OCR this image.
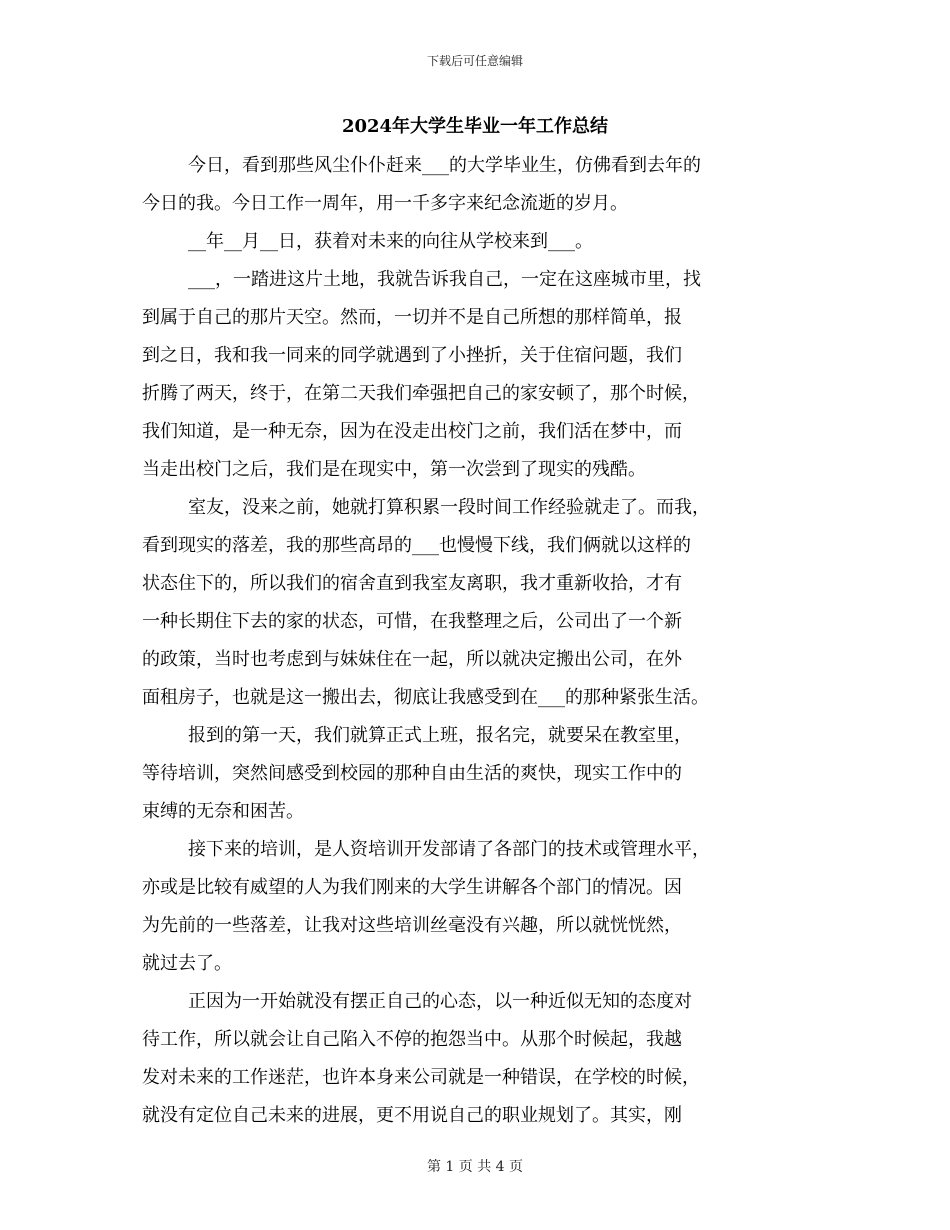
下载后可任意编辑
2024年大学生毕业一年工作总结
今日，看到那些风尘仆仆赶来___的大学毕业生，仿佛看到去年的
今日的我。今日工作一周年，用一千多字来纪念流逝的岁月。
__年__月__日，获着对未来的向往从学校来到___。
___，一踏进这片土地，我就告诉我自己，一定在这座城市里，找
到属于自己的那片天空。然而，一切并不是自己所想的那样简单，报
到之日，我和我一同来的同学就遇到了小挫折，关于住宿问题，我们
折腾了两天，终于，在第二天我们牵强把自己的家安顿了，那个时候，
我们知道，是一种无奈，因为在没走出校门之前，我们活在梦中，而
当走出校门之后，我们是在现实中，第一次尝到了现实的残酷。
室友，没来之前，她就打算积累一段时间工作经验就走了。而我，
看到现实的落差，我的那些高昂的___也慢慢下线，我们俩就以这样的
状态住下的，所以我们的宿舍直到我室友离职，我才重新收拾，才有
一种长期住下去的家的状态，可惜，在我整理之后，公司出了一个新
的政策，当时也考虑到与妹妹住在一起，所以就决定搬出公司，在外
面租房子，也就是这一搬出去，彻底让我感受到在___的那种紧张生活。
报到的第一天，我们就算正式上班，报名完，就要呆在教室里，
等待培训，突然间感受到校园的那种自由生活的爽快，现实工作中的
束缚的无奈和困苦。
接下来的培训，是人资培训开发部请了各部门的技术或管理水平，
亦或是比较有威望的人为我们刚来的大学生讲解各个部门的情况。因
为先前的一些落差，让我对这些培训丝毫没有兴趣，所以就恍恍然，
就过去了。
正因为一开始就没有摆正自己的心态，以一种近似无知的态度对
待工作，所以就会让自己陷入不停的抱怨当中。从那个时候起，我越
发对未来的工作迷茫，也许本身来公司就是一种错误，在学校的时候，
就没有定位自己未来的进展，更不用说自己的职业规划了。其实，刚
第 1 页 共 4 页
